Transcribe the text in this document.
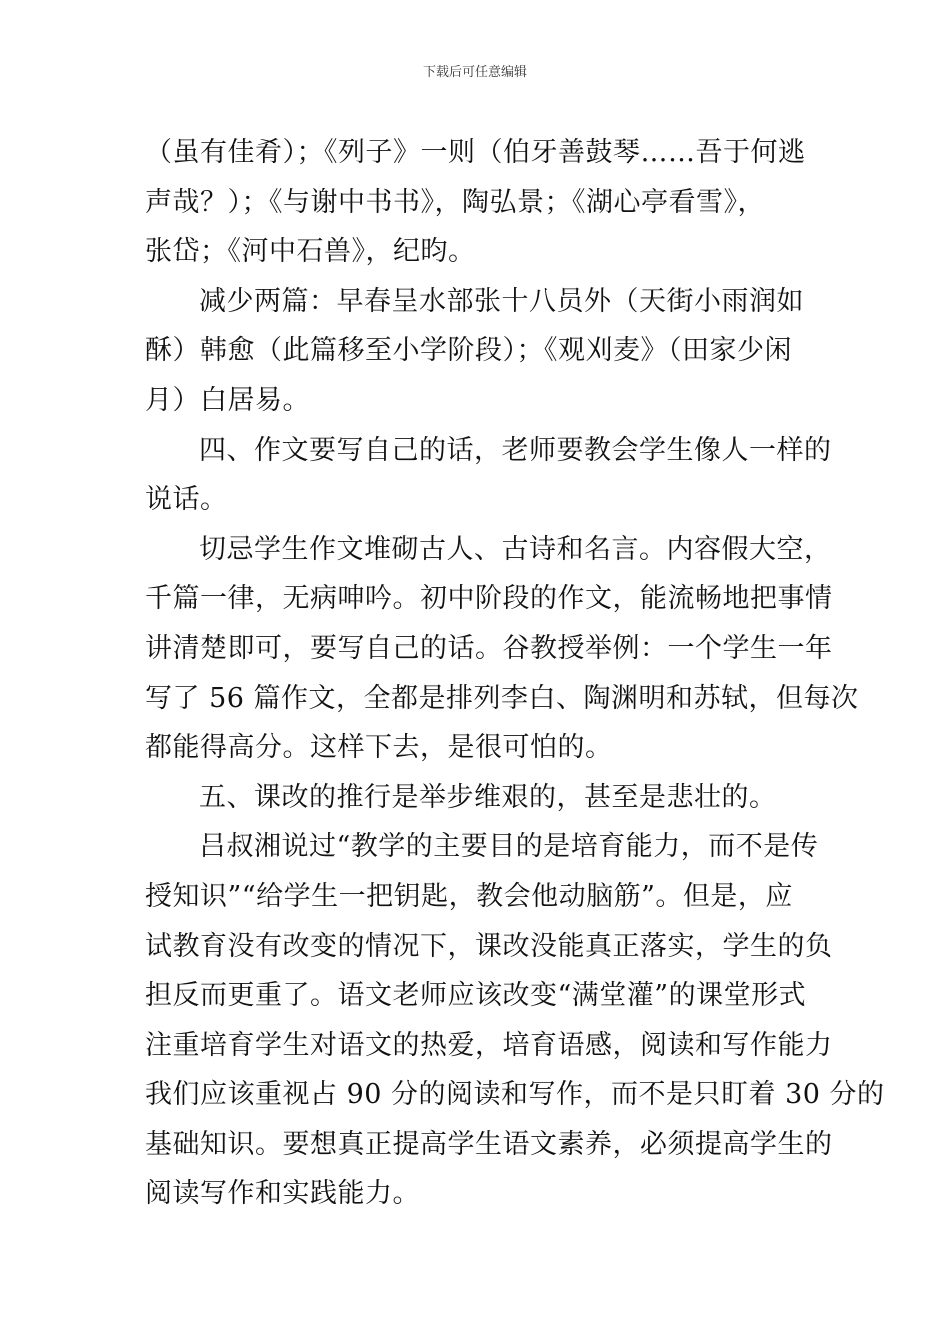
下载后可任意编辑
（虽有佳肴）；《列子》一则（伯牙善鼓琴……吾于何逃
声哉？）；《与谢中书书》，陶弘景；《湖心亭看雪》，
张岱；《河中石兽》，纪昀。
减少两篇：早春呈水部张十八员外（天街小雨润如
酥）韩愈（此篇移至小学阶段）；《观刈麦》（田家少闲
月）白居易。
四、作文要写自己的话，老师要教会学生像人一样的
说话。
切忌学生作文堆砌古人、古诗和名言。内容假大空，
千篇一律，无病呻吟。初中阶段的作文，能流畅地把事情
讲清楚即可，要写自己的话。谷教授举例：一个学生一年
写了 56 篇作文，全都是排列李白、陶渊明和苏轼，但每次
都能得高分。这样下去，是很可怕的。
五、课改的推行是举步维艰的，甚至是悲壮的。
吕叔湘说过“教学的主要目的是培育能力，而不是传
授知识”“给学生一把钥匙，教会他动脑筋”。但是，应
试教育没有改变的情况下，课改没能真正落实，学生的负
担反而更重了。语文老师应该改变“满堂灌”的课堂形式
注重培育学生对语文的热爱，培育语感，阅读和写作能力
我们应该重视占 90 分的阅读和写作，而不是只盯着 30 分的
基础知识。要想真正提高学生语文素养，必须提高学生的
阅读写作和实践能力。
